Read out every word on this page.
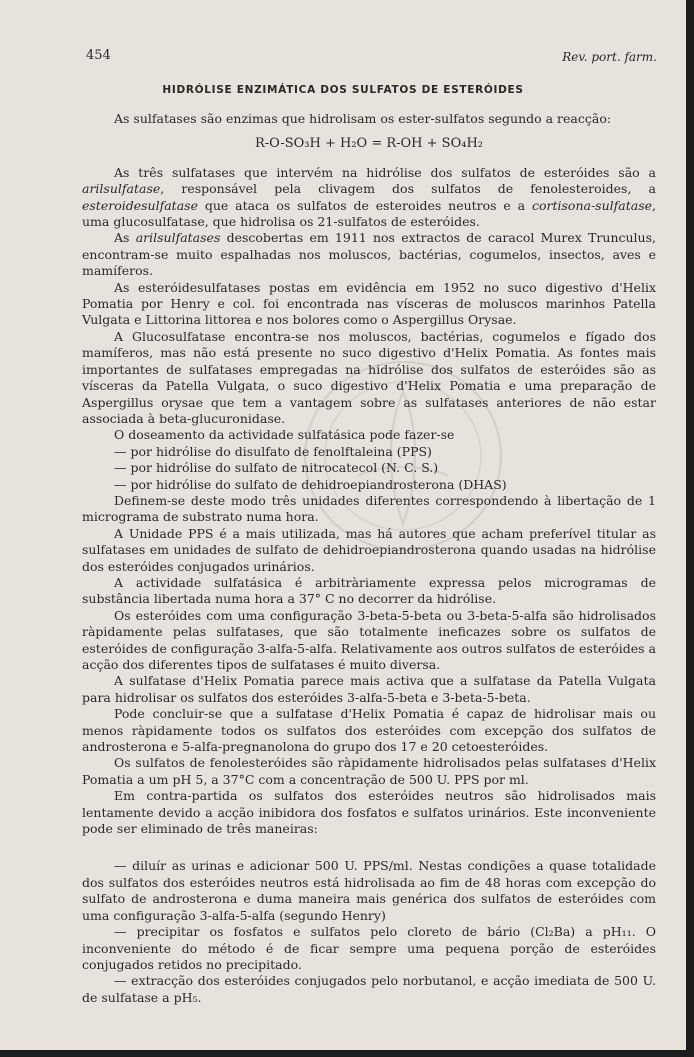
454	Rev. port. farm.
HIDRÓLISE ENZIMÁTICA DOS SULFATOS DE ESTERÓIDES

As sulfatases são enzimas que hidrolisam os ester-sulfatos segundo a reacção:

R-O-SO₃H + H₂O = R-OH + SO₄H₂

As três sulfatases que intervém na hidrólise dos sulfatos de esteróides são a arilsulfatase, responsável pela clivagem dos sulfatos de fenolesteroides, a esteroidesulfatase que ataca os sulfatos de esteroides neutros e a cortisona-sulfatase, uma glucosulfatase, que hidrolisa os 21-sulfatos de esteróides.

As arilsulfatases descobertas em 1911 nos extractos de caracol Murex Trunculus, encontram-se muito espalhadas nos moluscos, bactérias, cogumelos, insectos, aves e mamíferos.

As esteróidesulfatases postas em evidência em 1952 no suco digestivo d'Helix Pomatia por Henry e col. foi encontrada nas vísceras de moluscos marinhos Patella Vulgata e Littorina littorea e nos bolores como o Aspergillus Orysae.

A Glucosulfatase encontra-se nos moluscos, bactérias, cogumelos e fígado dos mamíferos, mas não está presente no suco digestivo d'Helix Pomatia. As fontes mais importantes de sulfatases empregadas na hidrólise dos sulfatos de esteróides são as vísceras da Patella Vulgata, o suco digestivo d'Helix Pomatia e uma preparação de Aspergillus orysae que tem a vantagem sobre as sulfatases anteriores de não estar associada à beta-glucuronidase.

O doseamento da actividade sulfatásica pode fazer-se

— por hidrólise do disulfato de fenolftaleina (PPS)

— por hidrólise do sulfato de nitrocatecol (N. C. S.)

— por hidrólise do sulfato de dehidroepiandrosterona (DHAS)

Definem-se deste modo três unidades diferentes correspondendo à libertação de 1 micrograma de substrato numa hora.

A Unidade PPS é a mais utilizada, mas há autores que acham preferível titular as sulfatases em unidades de sulfato de dehidroepiandrosterona quando usadas na hidrólise dos esteróides conjugados urinários.

A actividade sulfatásica é arbitràriamente expressa pelos microgramas de substância libertada numa hora a 37° C no decorrer da hidrólise.

Os esteróides com uma configuração 3-beta-5-beta ou 3-beta-5-alfa são hidrolisados ràpidamente pelas sulfatases, que são totalmente ineficazes sobre os sulfatos de esteróides de configuração 3-alfa-5-alfa. Relativamente aos outros sulfatos de esteróides a acção dos diferentes tipos de sulfatases é muito diversa.

A sulfatase d'Helix Pomatia parece mais activa que a sulfatase da Patella Vulgata para hidrolisar os sulfatos dos esteróides 3-alfa-5-beta e 3-beta-5-beta.

Pode concluir-se que a sulfatase d'Helix Pomatia é capaz de hidrolisar mais ou menos ràpidamente todos os sulfatos dos esteróides com excepção dos sulfatos de androsterona e 5-alfa-pregnanolona do grupo dos 17 e 20 cetoesteróides.

Os sulfatos de fenolesteróides são ràpidamente hidrolisados pelas sulfatases d'Helix Pomatia a um pH 5, a 37°C com a concentração de 500 U. PPS por ml.

Em contra-partida os sulfatos dos esteróides neutros são hidrolisados mais lentamente devido a acção inibidora dos fosfatos e sulfatos urinários. Este inconveniente pode ser eliminado de três maneiras:

— diluír as urinas e adicionar 500 U. PPS/ml. Nestas condições a quase totalidade dos sulfatos dos esteróides neutros está hidrolisada ao fim de 48 horas com excepção do sulfato de androsterona e duma maneira mais genérica dos sulfatos de esteróides com uma configuração 3-alfa-5-alfa (segundo Henry)

— precipitar os fosfatos e sulfatos pelo cloreto de bário (Cl₂Ba) a pH₁₁. O inconveniente do método é de ficar sempre uma pequena porção de esteróides conjugados retidos no precipitado.

— extracção dos esteróides conjugados pelo norbutanol, e acção imediata de 500 U. de sulfatase a pH₅.
